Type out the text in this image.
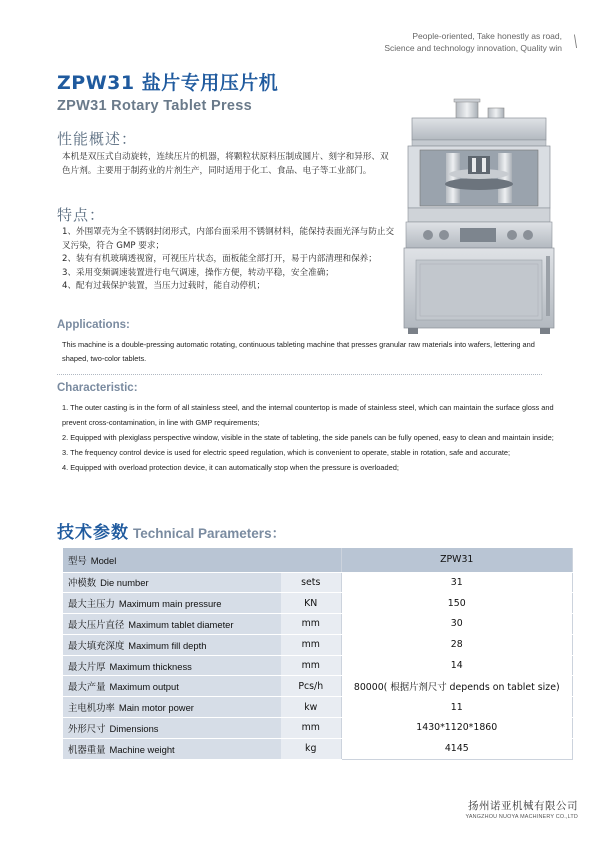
People-oriented, Take honestly as road,
Science and technology innovation, Quality win \
ZPW31 盐片专用压片机
ZPW31 Rotary Tablet Press
性能概述：
本机是双压式自动旋转，连续压片的机器，将颗粒状原料压制成圆片、刻字和异形、双色片剂。主要用于制药业的片剂生产，同时适用于化工、食品、电子等工业部门。
特点：
1、外围罩壳为全不锈钢封闭形式，内部台面采用不锈钢材料，能保持表面光泽与防止交叉污染，符合 GMP 要求；
2、装有有机玻璃透视窗，可视压片状态，面板能全部打开，易于内部清理和保养；
3、采用变频调速装置进行电气调速，操作方便，转动平稳，安全准确；
4、配有过载保护装置，当压力过载时，能自动停机；
Applications:
This machine is a double-pressing automatic rotating, continuous tableting machine that presses granular raw materials into wafers, lettering and shaped, two-color tablets.
Characteristic:

1. The outer casting is in the form of all stainless steel, and the internal countertop is made of stainless steel, which can maintain the surface gloss and prevent cross-contamination, in line with GMP requirements;

2. Equipped with plexiglass perspective window, visible in the state of tableting, the side panels can be fully opened, easy to clean and maintain inside;

3. The frequency control device is used for electric speed regulation, which is convenient to operate, stable in rotation, safe and accurate;

4. Equipped with overload protection device, it can automatically stop when the pressure is overloaded;

技术参数 Technical Parameters：
型号 Model		ZPW31
冲模数 Die number	sets	31
最大主压力 Maximum main pressure	KN	150
最大压片直径 Maximum tablet diameter	mm	30
最大填充深度 Maximum fill depth	mm	28
最大片厚 Maximum thickness	mm	14
最大产量 Maximum output	Pcs/h	80000( 根据片剂尺寸 depends on tablet size)
主电机功率 Main motor power	kw	11
外形尺寸 Dimensions	mm	1430*1120*1860
机器重量 Machine weight	kg	4145
扬州诺亚机械有限公司
YANGZHOU NUOYA MACHINERY CO.,LTD
